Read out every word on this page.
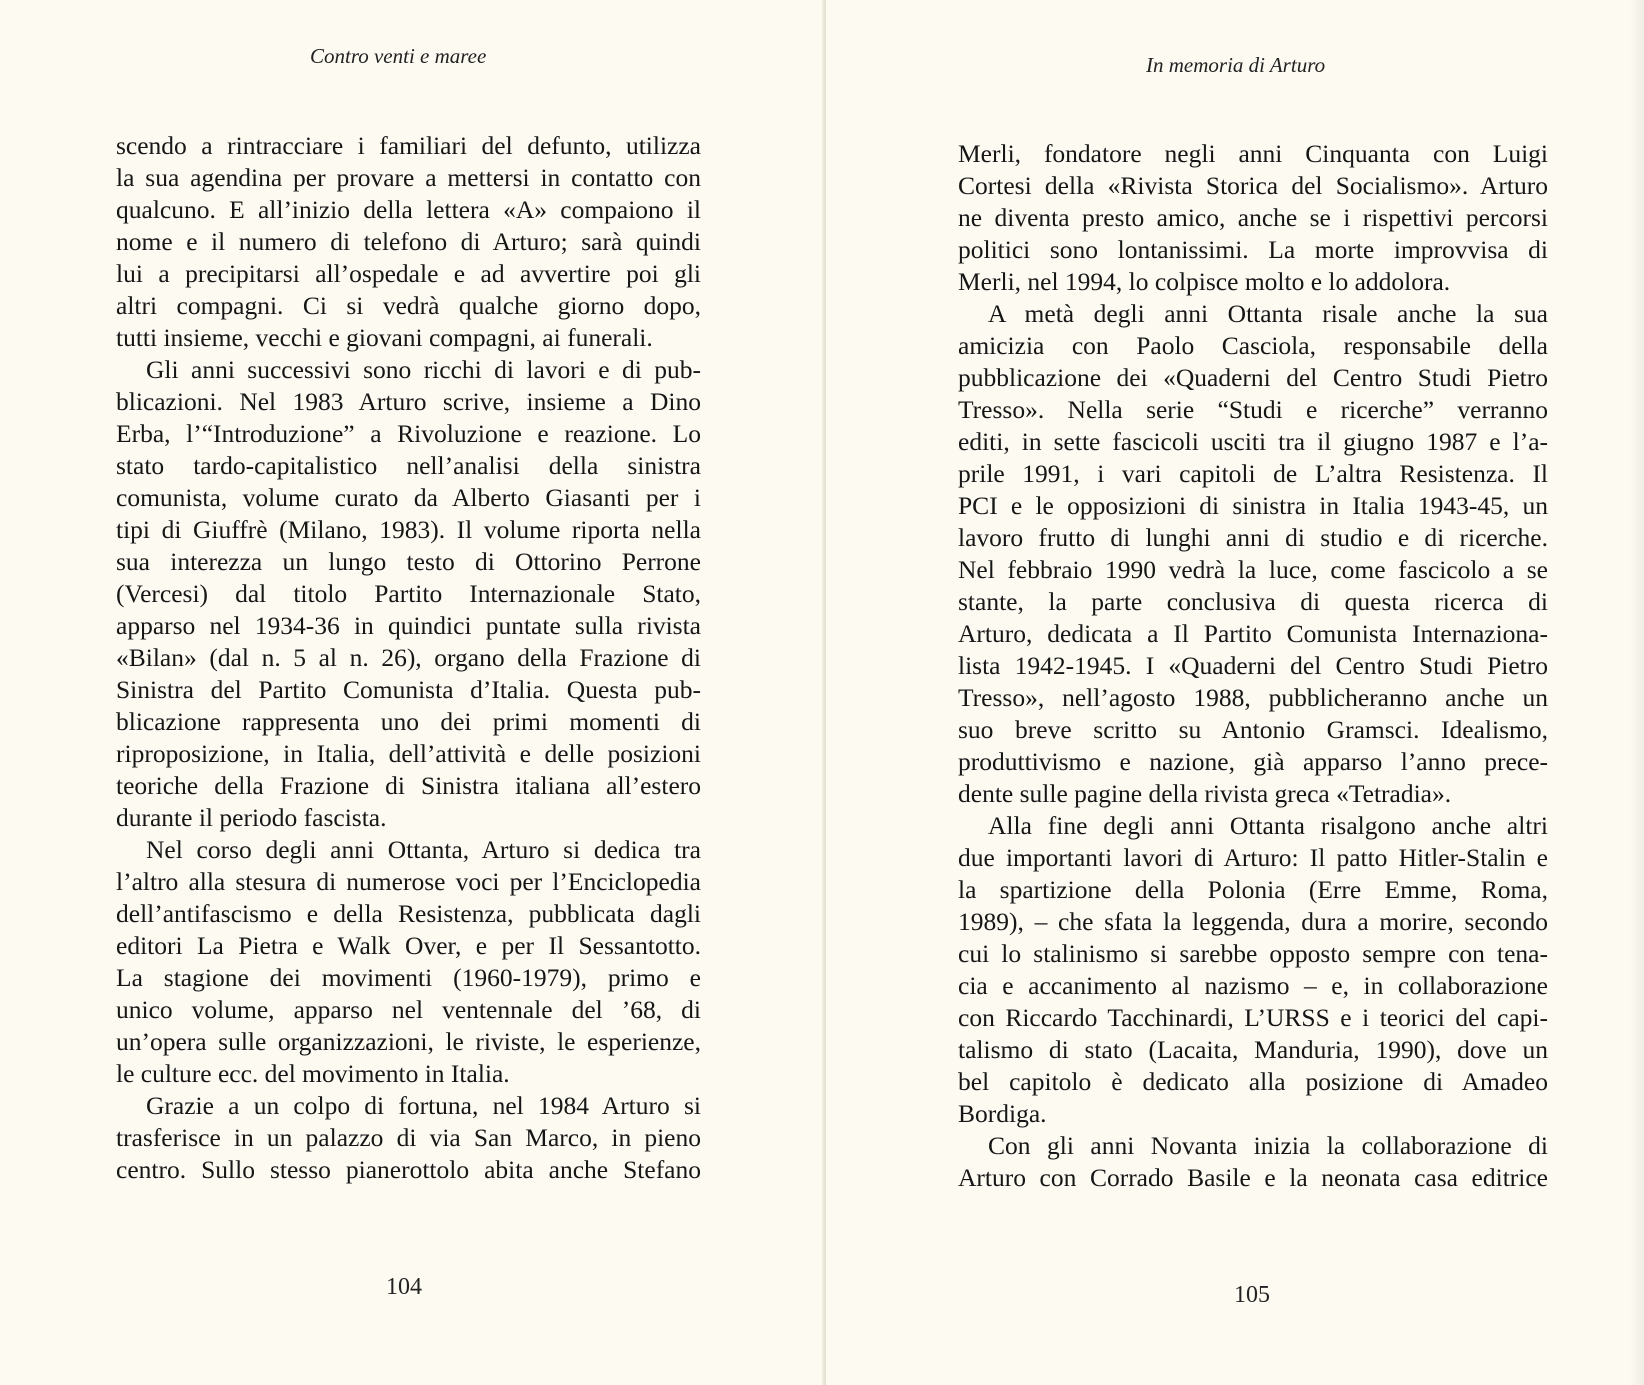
Contro venti e maree
scendo a rintracciare i familiari del defunto, utilizza
la sua agendina per provare a mettersi in contatto con
qualcuno. E all’inizio della lettera «A» compaiono il
nome e il numero di telefono di Arturo; sarà quindi
lui a precipitarsi all’ospedale e ad avvertire poi gli
altri compagni. Ci si vedrà qualche giorno dopo,
tutti insieme, vecchi e giovani compagni, ai funerali.
Gli anni successivi sono ricchi di lavori e di pub-
blicazioni. Nel 1983 Arturo scrive, insieme a Dino
Erba, l’“Introduzione” a Rivoluzione e reazione. Lo
stato tardo-capitalistico nell’analisi della sinistra
comunista, volume curato da Alberto Giasanti per i
tipi di Giuffrè (Milano, 1983). Il volume riporta nella
sua interezza un lungo testo di Ottorino Perrone
(Vercesi) dal titolo Partito Internazionale Stato,
apparso nel 1934-36 in quindici puntate sulla rivista
«Bilan» (dal n. 5 al n. 26), organo della Frazione di
Sinistra del Partito Comunista d’Italia. Questa pub-
blicazione rappresenta uno dei primi momenti di
riproposizione, in Italia, dell’attività e delle posizioni
teoriche della Frazione di Sinistra italiana all’estero
durante il periodo fascista.
Nel corso degli anni Ottanta, Arturo si dedica tra
l’altro alla stesura di numerose voci per l’Enciclopedia
dell’antifascismo e della Resistenza, pubblicata dagli
editori La Pietra e Walk Over, e per Il Sessantotto.
La stagione dei movimenti (1960-1979), primo e
unico volume, apparso nel ventennale del ’68, di
un’opera sulle organizzazioni, le riviste, le esperienze,
le culture ecc. del movimento in Italia.
Grazie a un colpo di fortuna, nel 1984 Arturo si
trasferisce in un palazzo di via San Marco, in pieno
centro. Sullo stesso pianerottolo abita anche Stefano
104
In memoria di Arturo
Merli, fondatore negli anni Cinquanta con Luigi
Cortesi della «Rivista Storica del Socialismo». Arturo
ne diventa presto amico, anche se i rispettivi percorsi
politici sono lontanissimi. La morte improvvisa di
Merli, nel 1994, lo colpisce molto e lo addolora.
A metà degli anni Ottanta risale anche la sua
amicizia con Paolo Casciola, responsabile della
pubblicazione dei «Quaderni del Centro Studi Pietro
Tresso». Nella serie “Studi e ricerche” verranno
editi, in sette fascicoli usciti tra il giugno 1987 e l’a-
prile 1991, i vari capitoli de L’altra Resistenza. Il
PCI e le opposizioni di sinistra in Italia 1943-45, un
lavoro frutto di lunghi anni di studio e di ricerche.
Nel febbraio 1990 vedrà la luce, come fascicolo a se
stante, la parte conclusiva di questa ricerca di
Arturo, dedicata a Il Partito Comunista Internaziona-
lista 1942-1945. I «Quaderni del Centro Studi Pietro
Tresso», nell’agosto 1988, pubblicheranno anche un
suo breve scritto su Antonio Gramsci. Idealismo,
produttivismo e nazione, già apparso l’anno prece-
dente sulle pagine della rivista greca «Tetradia».
Alla fine degli anni Ottanta risalgono anche altri
due importanti lavori di Arturo: Il patto Hitler-Stalin e
la spartizione della Polonia (Erre Emme, Roma,
1989), – che sfata la leggenda, dura a morire, secondo
cui lo stalinismo si sarebbe opposto sempre con tena-
cia e accanimento al nazismo – e, in collaborazione
con Riccardo Tacchinardi, L’URSS e i teorici del capi-
talismo di stato (Lacaita, Manduria, 1990), dove un
bel capitolo è dedicato alla posizione di Amadeo
Bordiga.
Con gli anni Novanta inizia la collaborazione di
Arturo con Corrado Basile e la neonata casa editrice
105
